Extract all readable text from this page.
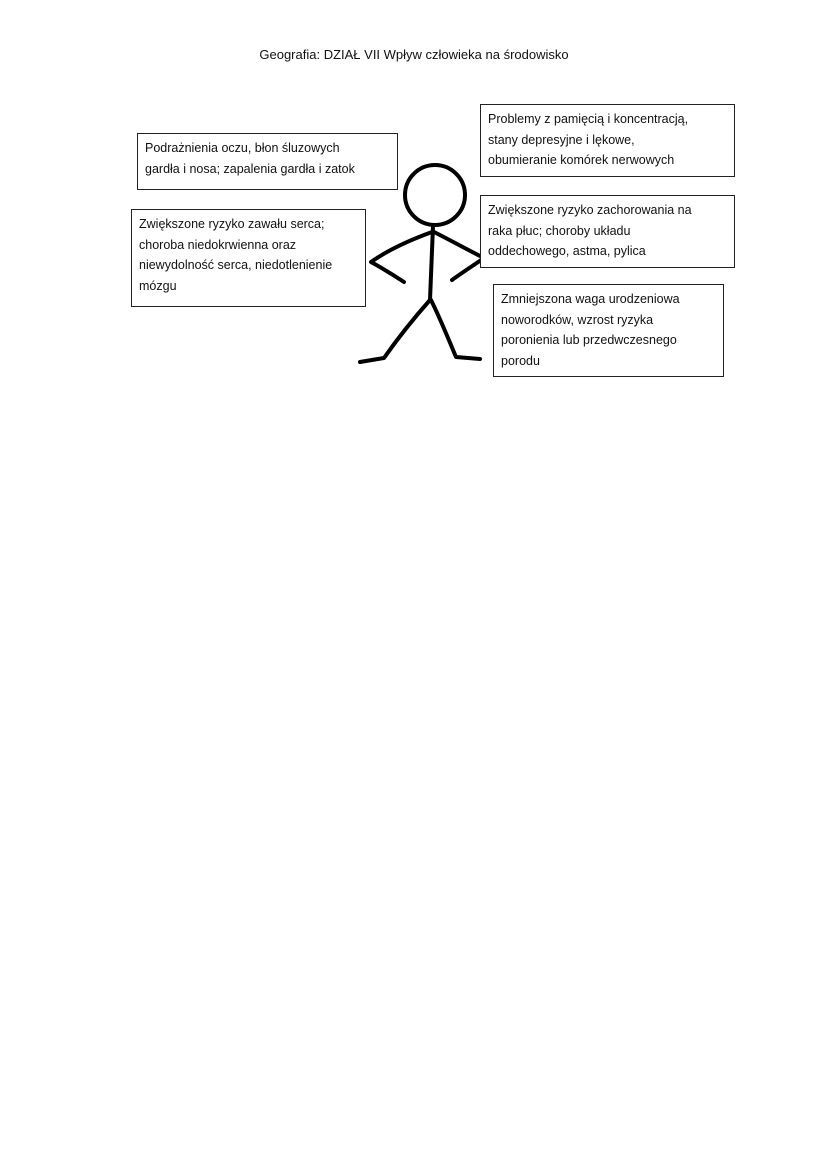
Geografia: DZIAŁ VII Wpływ człowieka na środowisko
Podrażnienia oczu, błon śluzowych
gardła i nosa; zapalenia gardła i zatok
Problemy z pamięcią i koncentracją,
stany depresyjne i lękowe,
obumieranie komórek nerwowych
Zwiększone ryzyko zawału serca;
choroba niedokrwienna oraz
niewydolność serca, niedotlenienie
mózgu
Zwiększone ryzyko zachorowania na
raka płuc; choroby układu
oddechowego, astma, pylica
Zmniejszona waga urodzeniowa
noworodków, wzrost ryzyka
poronienia lub przedwczesnego
porodu
